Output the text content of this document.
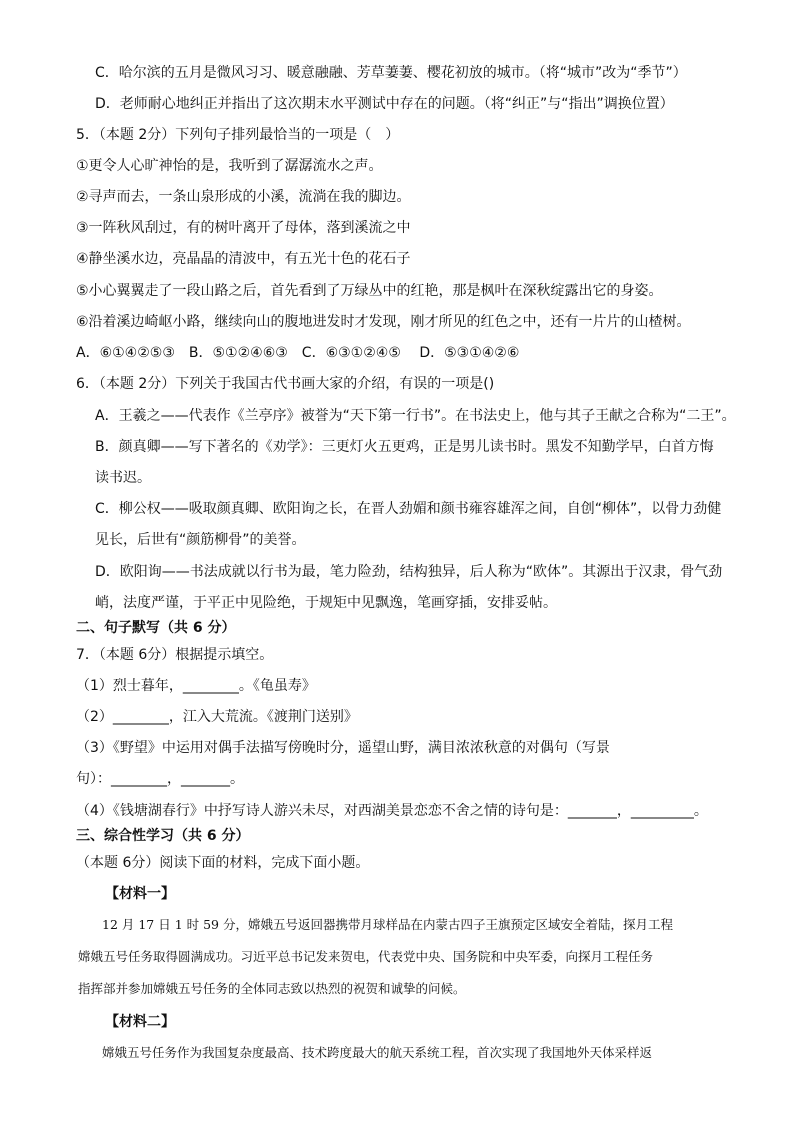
C．哈尔滨的五月是微风习习、暖意融融、芳草萋萋、樱花初放的城市。（将“城市”改为“季节”）
D．老师耐心地纠正并指出了这次期末水平测试中存在的问题。（将“纠正”与“指出”调换位置）
5．（本题 2分）下列句子排列最恰当的一项是（　）
①更令人心旷神怡的是，我听到了潺潺流水之声。
②寻声而去，一条山泉形成的小溪，流淌在我的脚边。
③一阵秋风刮过，有的树叶离开了母体，落到溪流之中
④静坐溪水边，亮晶晶的清波中，有五光十色的花石子
⑤小心翼翼走了一段山路之后，首先看到了万绿丛中的红艳，那是枫叶在深秋绽露出它的身姿。
⑥沿着溪边崎岖小路，继续向山的腹地进发时才发现，刚才所见的红色之中，还有一片片的山楂树。
A．⑥①④②⑤③　B．⑤①②④⑥③　C．⑥③①②④⑤　 D．⑤③①④②⑥
6．（本题 2分）下列关于我国古代书画大家的介绍，有误的一项是()
A．王羲之——代表作《兰亭序》被誉为“天下第一行书”。在书法史上，他与其子王献之合称为“二王”。
B．颜真卿——写下著名的《劝学》：三更灯火五更鸡，正是男儿读书时。黑发不知勤学早，白首方悔
读书迟。
C．柳公权——吸取颜真卿、欧阳询之长，在晋人劲媚和颜书雍容雄浑之间，自创“柳体”，以骨力劲健
见长，后世有“颜筋柳骨”的美誉。
D．欧阳询——书法成就以行书为最，笔力险劲，结构独异，后人称为“欧体”。其源出于汉隶，骨气劲
峭，法度严谨，于平正中见险绝，于规矩中见飘逸，笔画穿插，安排妥帖。
二、句子默写（共 6 分）
7．（本题 6分）根据提示填空。
（1）烈士暮年，________。《龟虽寿》
（2）________，江入大荒流。《渡荆门送别》
（3）《野望》中运用对偶手法描写傍晚时分，遥望山野，满目浓浓秋意的对偶句（写景
句）：________，_______。
（4）《钱塘湖春行》中抒写诗人游兴未尽，对西湖美景恋恋不舍之情的诗句是：_______，_________。
三、综合性学习（共 6 分）
（本题 6分）阅读下面的材料，完成下面小题。
【材料一】
12 月 17 日 1 时 59 分，嫦娥五号返回器携带月球样品在内蒙古四子王旗预定区域安全着陆，探月工程
嫦娥五号任务取得圆满成功。习近平总书记发来贺电，代表党中央、国务院和中央军委，向探月工程任务
指挥部并参加嫦娥五号任务的全体同志致以热烈的祝贺和诚挚的问候。
【材料二】
嫦娥五号任务作为我国复杂度最高、技术跨度最大的航天系统工程，首次实现了我国地外天体采样返
